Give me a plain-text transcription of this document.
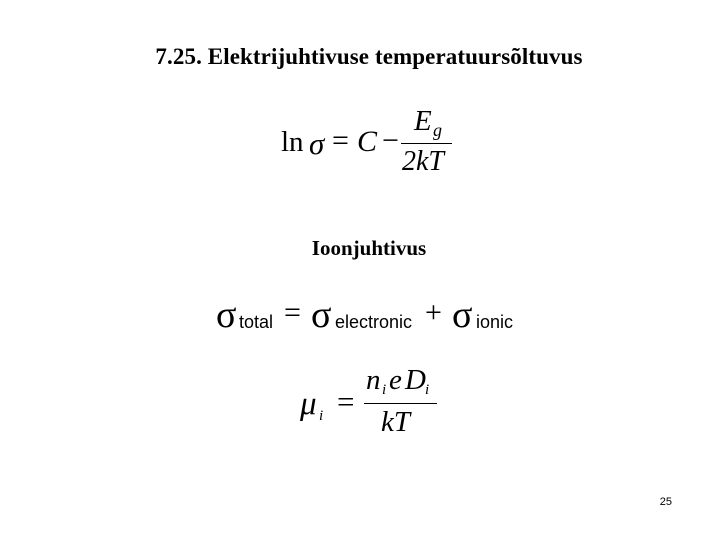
7.25. Elektrijuhtivuse temperatuursõltuvus
ln σ = C −
E g
2kT
Ioonjuhtivus
σ total = σ electronic + σ ionic
μ i =
n i e D i
kT
25
